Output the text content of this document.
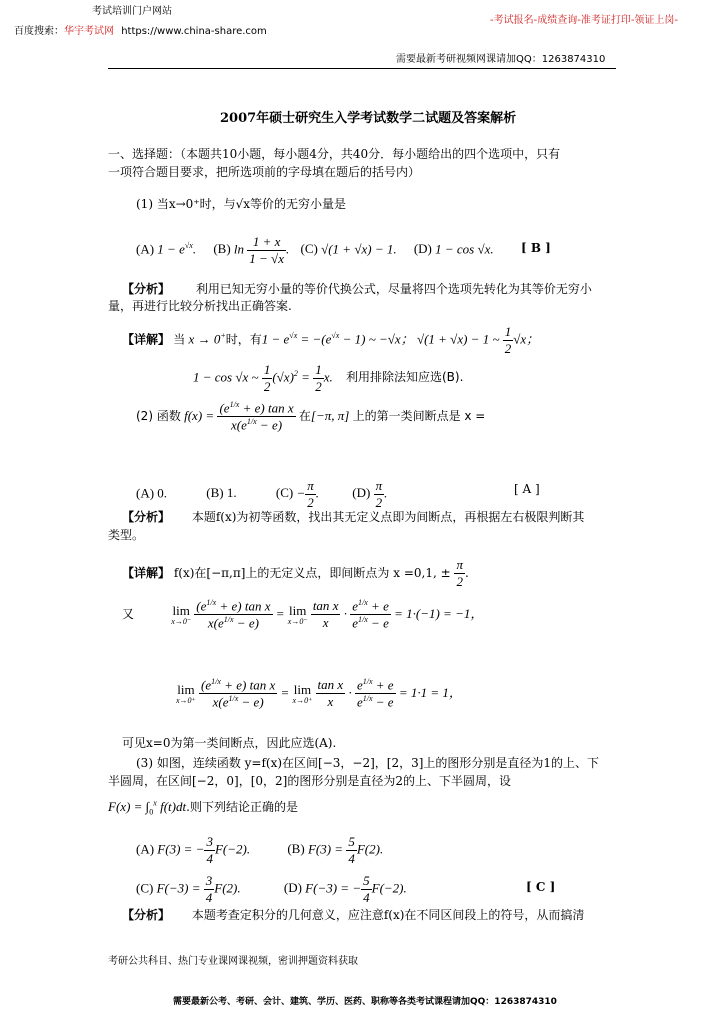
考试培训门户网站
百度搜索：华宇考试网 https://www.china-share.com
-考试报名-成绩查询-准考证打印-领证上岗-
需要最新考研视频网课请加QQ：1263874310
2007年硕士研究生入学考试数学二试题及答案解析
一、选择题：（本题共10小题，每小题4分，共40分．每小题给出的四个选项中，只有
一项符合题目要求，把所选项前的字母填在题后的括号内）
(1) 当x→0⁺时，与√x等价的无穷小量是
(A) $1 - e^{√x}$. (B) $\ln \frac{1 + x}{1 - √x}$ . (C) √(1 + √x) − 1. (D) 1 − cos √x. [ B ]
【分析】 利用已知无穷小量的等价代换公式，尽量将四个选项先转化为其等价无穷小
量，再进行比较分析找出正确答案.
【详解】 当 x → 0+时，有$1 - e^{√x} = -(e^{√x} - 1)$ ~ −√x； √(1 + √x) − 1 ~ $\frac{1}{2} √x$；
1 − cos √x ~ $\frac{1}{2} (√x)^2 = \frac{1}{2} x$. 利用排除法知应选(B).
(2) 函数 $f(x) = \frac{(e^{1/x} + e) \tan x}{x(e^{1/x} - e)}$ 在[−π, π] 上的第一类间断点是 x =
(A) 0.	(B) 1.	$(C) - \frac{\pi}{2}$ . $(D) \frac{\pi}{2}$ .	[ A ]
【分析】 本题f(x)为初等函数，找出其无定义点即为间断点，再根据左右极限判断其
类型。
【详解】 f(x)在[−π,π]上的无定义点，即间断点为 x =0,1, ± $\frac{\pi}{2}$ .
又	lim
x→0⁻
$\frac{(e^{1/x} + e) \tan x}{x(e^{1/x} - e)} = \lim$
x→0⁻
$\frac{\text{tan x}}{x} \cdot \frac{e^{1/x} + e}{e^{1/x} - e} = 1\cdot(-1) = -1$，
lim
x→0⁺
$\frac{(e^{1/x} + e) \tan x}{x(e^{1/x} - e)} = \lim$
x→0⁺
$\frac{\text{tan x}}{x} \cdot \frac{e^{1/x} + e}{e^{1/x} - e} = 1\cdot 1 = 1$，
可见x=0为第一类间断点，因此应选(A).
(3) 如图，连续函数 y=f(x)在区间[−3，−2]，[2，3]上的图形分别是直径为1的上、下
半圆周，在区间[−2，0]，[0，2]的图形分别是直径为2的上、下半圆周，设
$F(x) = \int_0^x$ f(t)dt.则下列结论正确的是
(A) F(3) = − $\frac{3}{4} F(-2)$.	(B) $F(3) = \frac{5}{4} F(2)$.
(C) $F(-3) = \frac{3}{4} F(2)$.	(D) F(−3) = − $\frac{5}{4} F(-2)$.	[ C ]
【分析】 本题考查定积分的几何意义，应注意f(x)在不同区间段上的符号，从而搞清
考研公共科目、热门专业课网课视频，密训押题资料获取
需要最新公考、考研、会计、建筑、学历、医药、职称等各类考试课程请加QQ：1263874310
